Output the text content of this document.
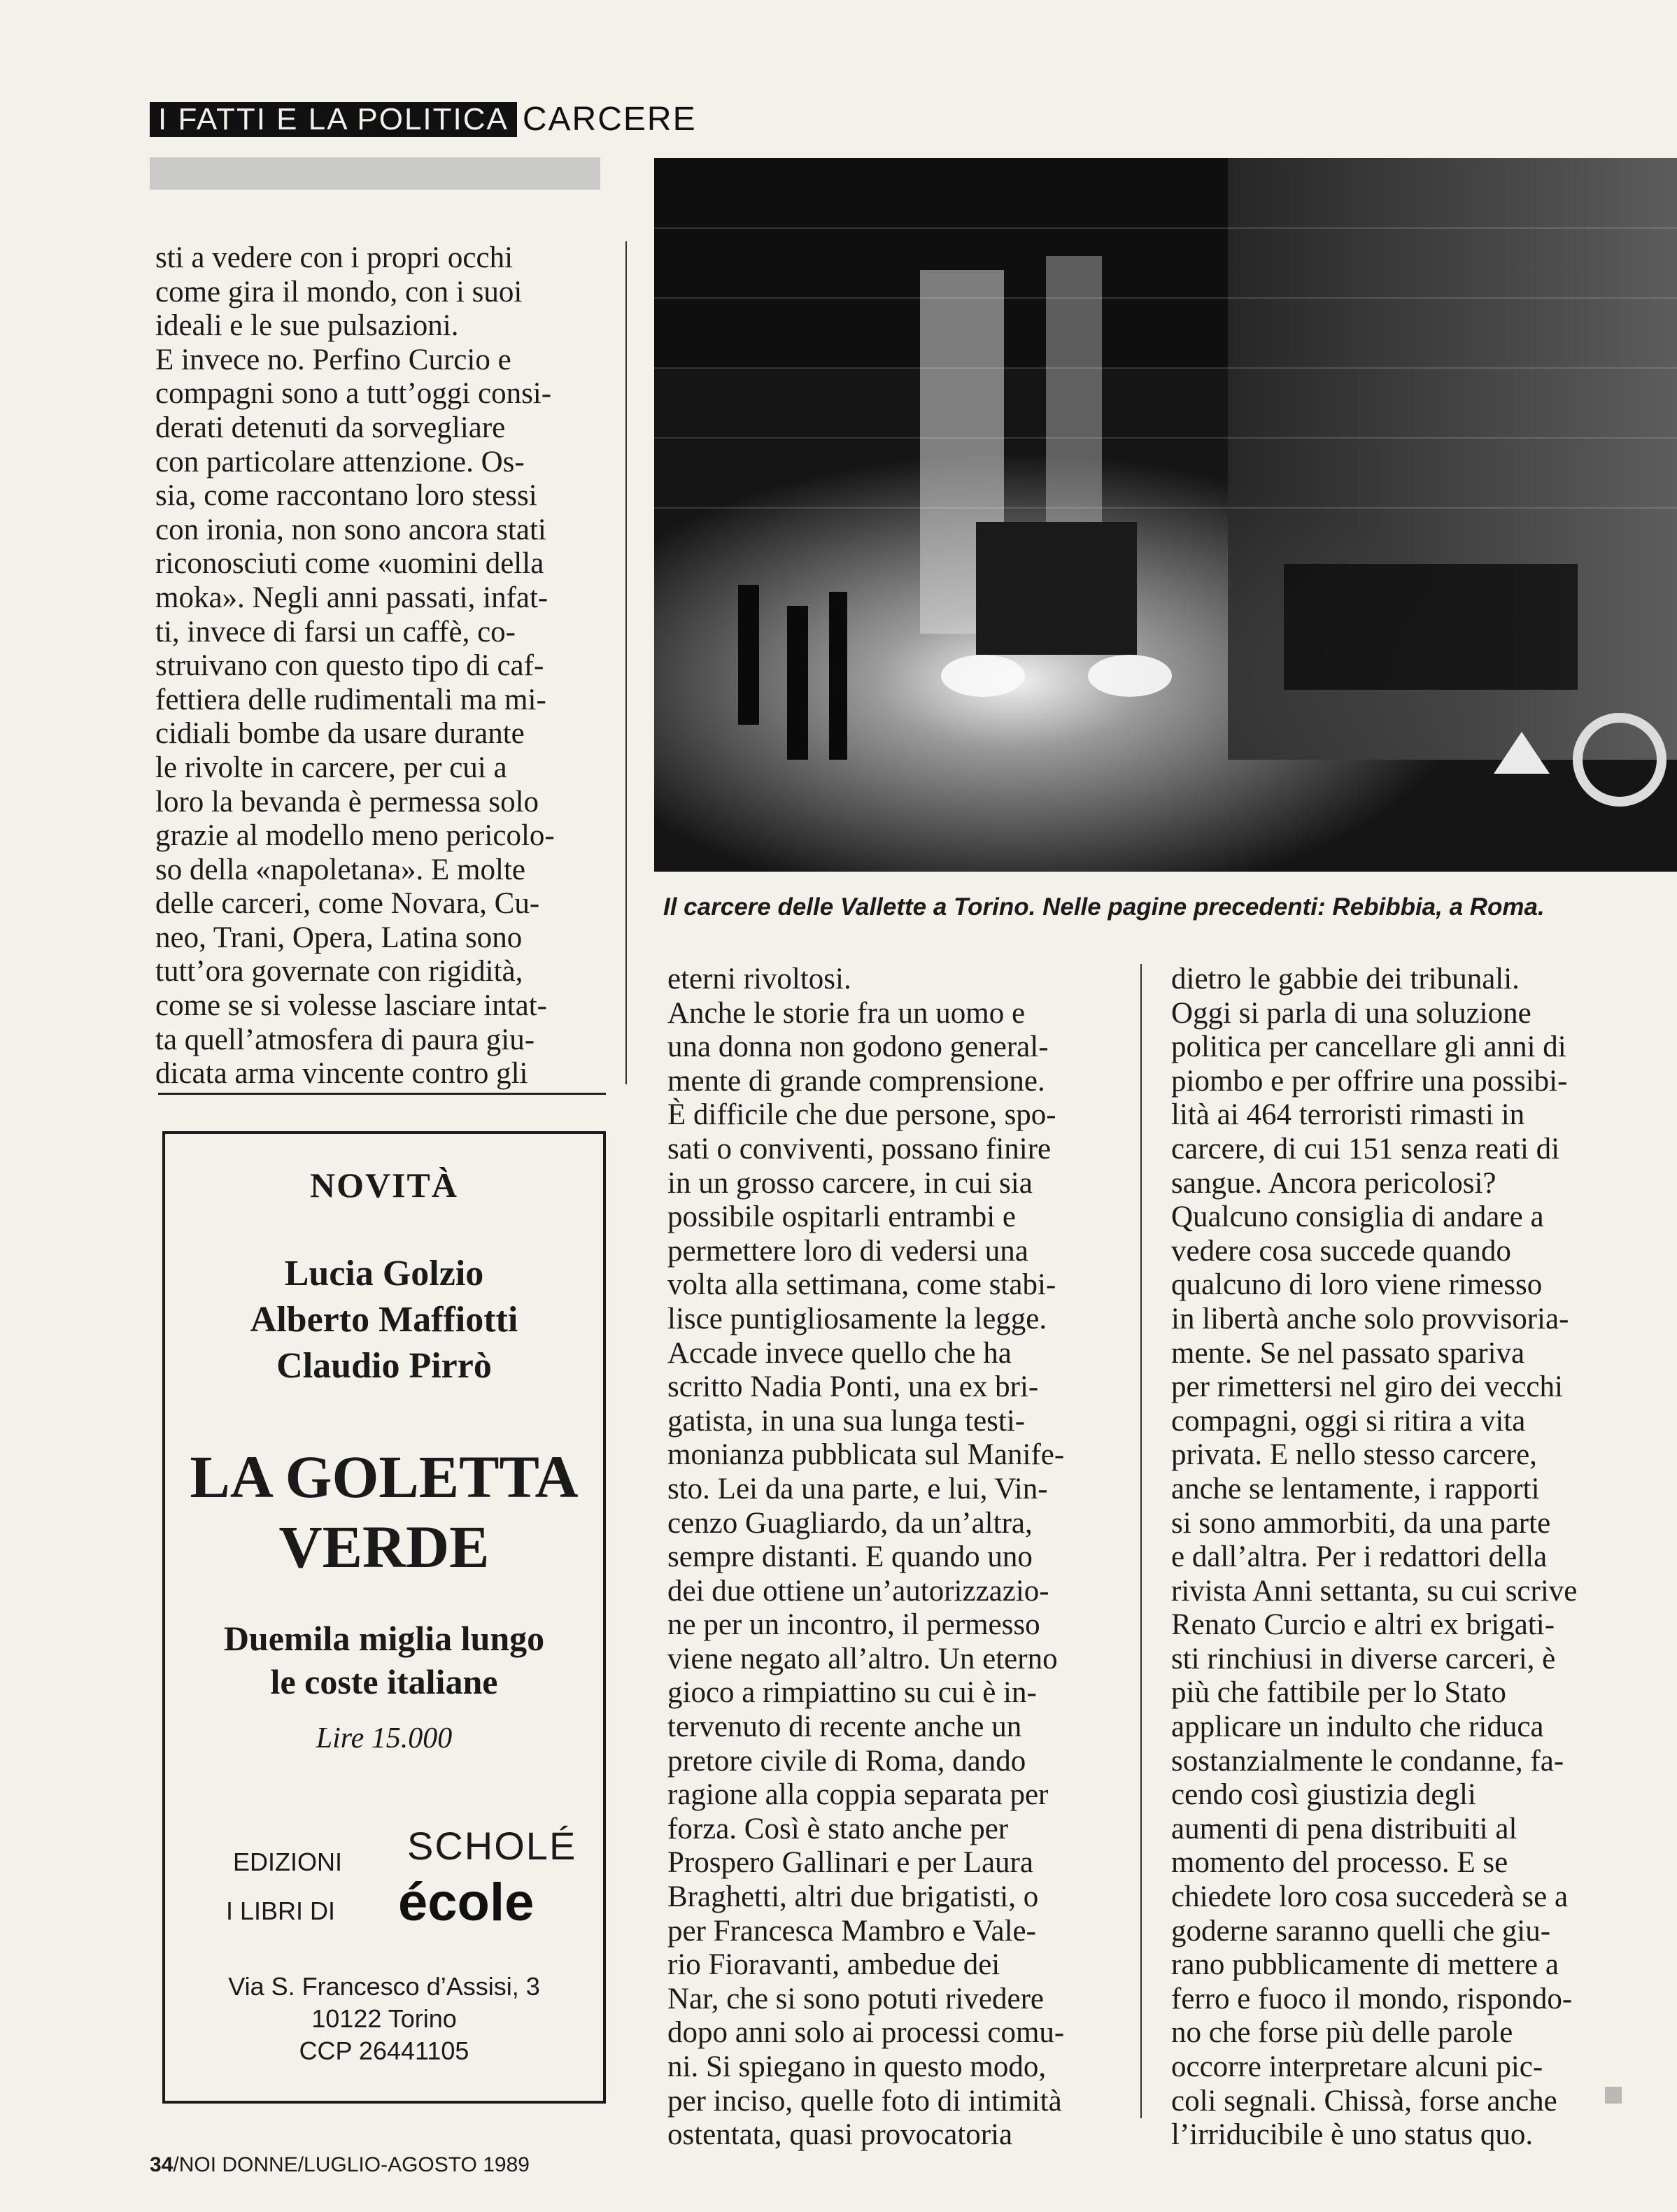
I FATTI E LA POLITICA CARCERE

sti a vedere con i propri occhi

come gira il mondo, con i suoi

ideali e le sue pulsazioni.

E invece no. Perfino Curcio e

compagni sono a tutt’oggi consi-

derati detenuti da sorvegliare

con particolare attenzione. Os-

sia, come raccontano loro stessi

con ironia, non sono ancora stati

riconosciuti come «uomini della

moka». Negli anni passati, infat-

ti, invece di farsi un caffè, co-

struivano con questo tipo di caf-

fettiera delle rudimentali ma mi-

cidiali bombe da usare durante

le rivolte in carcere, per cui a

loro la bevanda è permessa solo

grazie al modello meno pericolo-

so della «napoletana». E molte

delle carceri, come Novara, Cu-

neo, Trani, Opera, Latina sono

tutt’ora governate con rigidità,

come se si volesse lasciare intat-

ta quell’atmosfera di paura giu-

dicata arma vincente contro gli

Il carcere delle Vallette a Torino. Nelle pagine precedenti: Rebibbia, a Roma.

eterni rivoltosi.

Anche le storie fra un uomo e

una donna non godono general-

mente di grande comprensione.

È difficile che due persone, spo-

sati o conviventi, possano finire

in un grosso carcere, in cui sia

possibile ospitarli entrambi e

permettere loro di vedersi una

volta alla settimana, come stabi-

lisce puntigliosamente la legge.

Accade invece quello che ha

scritto Nadia Ponti, una ex bri-

gatista, in una sua lunga testi-

monianza pubblicata sul Manife-

sto. Lei da una parte, e lui, Vin-

cenzo Guagliardo, da un’altra,

sempre distanti. E quando uno

dei due ottiene un’autorizzazio-

ne per un incontro, il permesso

viene negato all’altro. Un eterno

gioco a rimpiattino su cui è in-

tervenuto di recente anche un

pretore civile di Roma, dando

ragione alla coppia separata per

forza. Così è stato anche per

Prospero Gallinari e per Laura

Braghetti, altri due brigatisti, o

per Francesca Mambro e Vale-

rio Fioravanti, ambedue dei

Nar, che si sono potuti rivedere

dopo anni solo ai processi comu-

ni. Si spiegano in questo modo,

per inciso, quelle foto di intimità

ostentata, quasi provocatoria

dietro le gabbie dei tribunali.

Oggi si parla di una soluzione

politica per cancellare gli anni di

piombo e per offrire una possibi-

lità ai 464 terroristi rimasti in

carcere, di cui 151 senza reati di

sangue. Ancora pericolosi?

Qualcuno consiglia di andare a

vedere cosa succede quando

qualcuno di loro viene rimesso

in libertà anche solo provvisoria-

mente. Se nel passato spariva

per rimettersi nel giro dei vecchi

compagni, oggi si ritira a vita

privata. E nello stesso carcere,

anche se lentamente, i rapporti

si sono ammorbiti, da una parte

e dall’altra. Per i redattori della

rivista Anni settanta, su cui scrive

Renato Curcio e altri ex brigati-

sti rinchiusi in diverse carceri, è

più che fattibile per lo Stato

applicare un indulto che riduca

sostanzialmente le condanne, fa-

cendo così giustizia degli

aumenti di pena distribuiti al

momento del processo. E se

chiedete loro cosa succederà se a

goderne saranno quelli che giu-

rano pubblicamente di mettere a

ferro e fuoco il mondo, rispondo-

no che forse più delle parole

occorre interpretare alcuni pic-

coli segnali. Chissà, forse anche

l’irriducibile è uno status quo.

NOVITÀ
Lucia Golzio
Alberto Maffiotti
Claudio Pirrò
LA GOLETTA
VERDE
Duemila miglia lungo
le coste italiane
Lire 15.000
EDIZIONI	SCHOLÉ
I LIBRI DI	école
Via S. Francesco d’Assisi, 3
10122 Torino
CCP 26441105
34/NOI DONNE/LUGLIO-AGOSTO 1989
